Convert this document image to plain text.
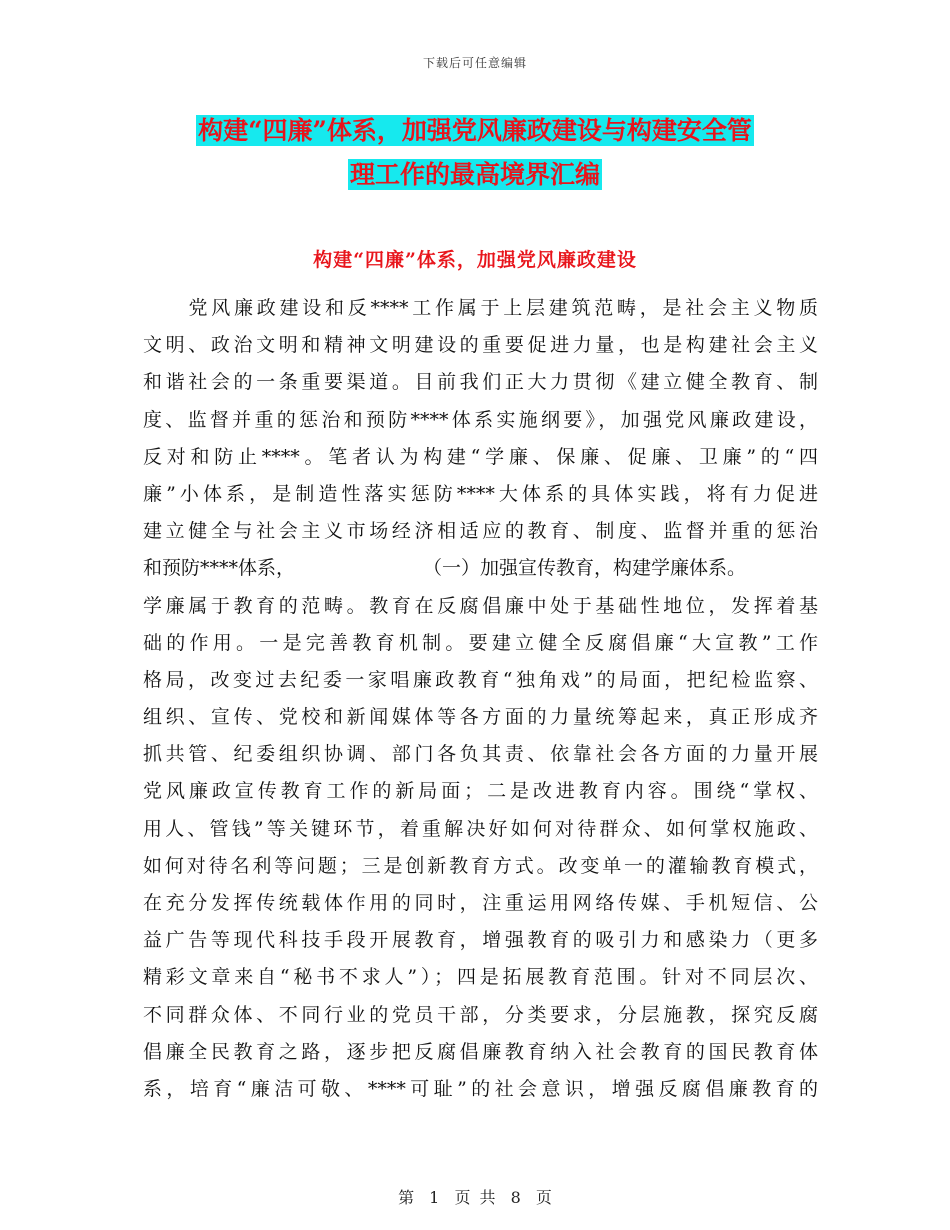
下载后可任意编辑
构建“四廉”体系，加强党风廉政建设与构建安全管
理工作的最高境界汇编
构建“四廉”体系，加强党风廉政建设
　　党风廉政建设和反****工作属于上层建筑范畴，是社会主义物质
文明、政治文明和精神文明建设的重要促进力量，也是构建社会主义
和谐社会的一条重要渠道。目前我们正大力贯彻《建立健全教育、制
度、监督并重的惩治和预防****体系实施纲要》，加强党风廉政建设，
反对和防止****。笔者认为构建“学廉、保廉、促廉、卫廉”的“四
廉”小体系，是制造性落实惩防****大体系的具体实践，将有力促进
建立健全与社会主义市场经济相适应的教育、制度、监督并重的惩治
和预防****体系，	（一）加强宣传教育，构建学廉体系。
学廉属于教育的范畴。教育在反腐倡廉中处于基础性地位，发挥着基
础的作用。一是完善教育机制。要建立健全反腐倡廉“大宣教”工作
格局，改变过去纪委一家唱廉政教育“独角戏”的局面，把纪检监察、
组织、宣传、党校和新闻媒体等各方面的力量统筹起来，真正形成齐
抓共管、纪委组织协调、部门各负其责、依靠社会各方面的力量开展
党风廉政宣传教育工作的新局面；二是改进教育内容。围绕“掌权、
用人、管钱”等关键环节，着重解决好如何对待群众、如何掌权施政、
如何对待名利等问题；三是创新教育方式。改变单一的灌输教育模式，
在充分发挥传统载体作用的同时，注重运用网络传媒、手机短信、公
益广告等现代科技手段开展教育，增强教育的吸引力和感染力（更多
精彩文章来自“秘书不求人”）；四是拓展教育范围。针对不同层次、
不同群众体、不同行业的党员干部，分类要求，分层施教，探究反腐
倡廉全民教育之路，逐步把反腐倡廉教育纳入社会教育的国民教育体
系，培育“廉洁可敬、****可耻”的社会意识，增强反腐倡廉教育的
第 1 页 共 8 页
